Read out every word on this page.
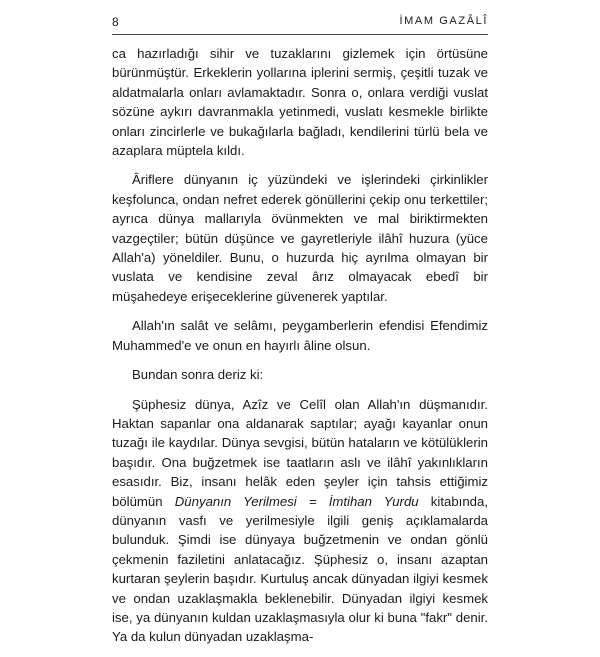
8	İMAM GAZÂLÎ

ca hazırladığı sihir ve tuzaklarını gizlemek için örtüsüne bürünmüştür. Erkeklerin yollarına iplerini sermiş, çeşitli tuzak ve aldatmalarla onları avlamaktadır. Sonra o, onlara verdiği vuslat sözüne aykırı davranmakla yetinmedi, vuslatı kesmekle birlikte onları zincirlerle ve bukağılarla bağladı, kendilerini türlü bela ve azaplara müptela kıldı.

Âriflere dünyanın iç yüzündeki ve işlerindeki çirkinlikler keşfolunca, ondan nefret ederek gönüllerini çekip onu terkettiler; ayrıca dünya mallarıyla övünmekten ve mal biriktirmekten vazgeçtiler; bütün düşünce ve gayretleriyle ilâhî huzura (yüce Allah'a) yöneldiler. Bunu, o huzurda hiç ayrılma olmayan bir vuslata ve kendisine zeval ârız olmayacak ebedî bir müşahedeye erişeceklerine güvenerek yaptılar.

Allah'ın salât ve selâmı, peygamberlerin efendisi Efendimiz Muhammed'e ve onun en hayırlı âline olsun.

Bundan sonra deriz ki:

Şüphesiz dünya, Azîz ve Celîl olan Allah'ın düşmanıdır. Haktan sapanlar ona aldanarak saptılar; ayağı kayanlar onun tuzağı ile kaydılar. Dünya sevgisi, bütün hataların ve kötülüklerin başıdır. Ona buğzetmek ise taatların aslı ve ilâhî yakınlıkların esasıdır. Biz, insanı helâk eden şeyler için tahsis ettiğimiz bölümün Dünyanın Yerilmesi = İmtihan Yurdu kitabında, dünyanın vasfı ve yerilmesiyle ilgili geniş açıklamalarda bulunduk. Şimdi ise dünyaya buğzetmenin ve ondan gönlü çekmenin faziletini anlatacağız. Şüphesiz o, insanı azaptan kurtaran şeylerin başıdır. Kurtuluş ancak dünyadan ilgiyi kesmek ve ondan uzaklaşmakla beklenebilir. Dünyadan ilgiyi kesmek ise, ya dünyanın kuldan uzaklaşmasıyla olur ki buna "fakr" denir. Ya da kulun dünyadan uzaklaşma-
